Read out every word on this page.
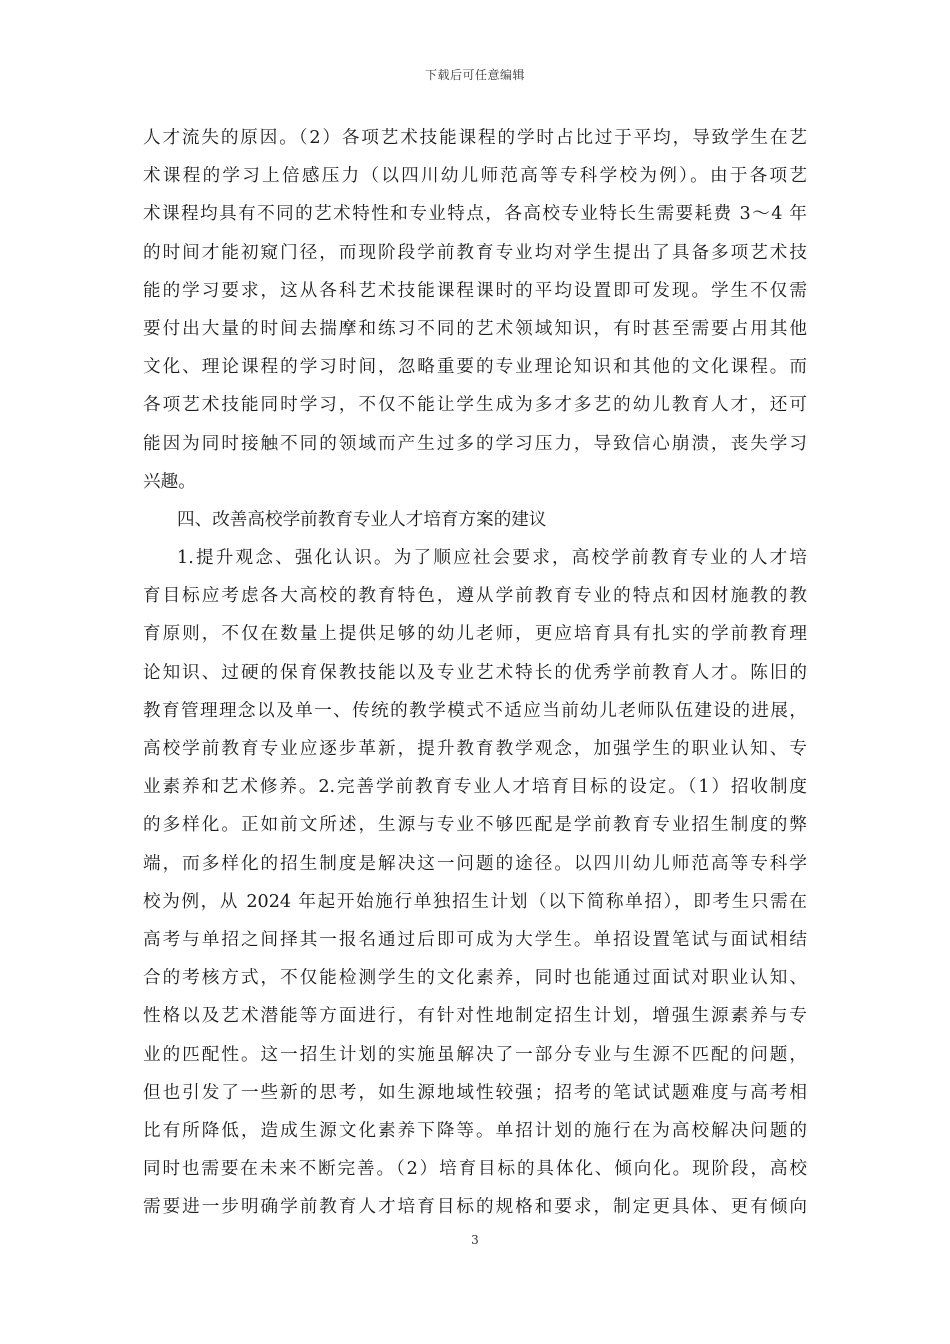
下载后可任意编辑
人才流失的原因。（2）各项艺术技能课程的学时占比过于平均，导致学生在艺
术课程的学习上倍感压力（以四川幼儿师范高等专科学校为例）。由于各项艺
术课程均具有不同的艺术特性和专业特点，各高校专业特长生需要耗费 3～4 年
的时间才能初窥门径，而现阶段学前教育专业均对学生提出了具备多项艺术技
能的学习要求，这从各科艺术技能课程课时的平均设置即可发现。学生不仅需
要付出大量的时间去揣摩和练习不同的艺术领域知识，有时甚至需要占用其他
文化、理论课程的学习时间，忽略重要的专业理论知识和其他的文化课程。而
各项艺术技能同时学习，不仅不能让学生成为多才多艺的幼儿教育人才，还可
能因为同时接触不同的领域而产生过多的学习压力，导致信心崩溃，丧失学习
兴趣。
四、改善高校学前教育专业人才培育方案的建议
1.提升观念、强化认识。为了顺应社会要求，高校学前教育专业的人才培
育目标应考虑各大高校的教育特色，遵从学前教育专业的特点和因材施教的教
育原则，不仅在数量上提供足够的幼儿老师，更应培育具有扎实的学前教育理
论知识、过硬的保育保教技能以及专业艺术特长的优秀学前教育人才。陈旧的
教育管理理念以及单一、传统的教学模式不适应当前幼儿老师队伍建设的进展，
高校学前教育专业应逐步革新，提升教育教学观念，加强学生的职业认知、专
业素养和艺术修养。2.完善学前教育专业人才培育目标的设定。（1）招收制度
的多样化。正如前文所述，生源与专业不够匹配是学前教育专业招生制度的弊
端，而多样化的招生制度是解决这一问题的途径。以四川幼儿师范高等专科学
校为例，从 2024 年起开始施行单独招生计划（以下简称单招），即考生只需在
高考与单招之间择其一报名通过后即可成为大学生。单招设置笔试与面试相结
合的考核方式，不仅能检测学生的文化素养，同时也能通过面试对职业认知、
性格以及艺术潜能等方面进行，有针对性地制定招生计划，增强生源素养与专
业的匹配性。这一招生计划的实施虽解决了一部分专业与生源不匹配的问题，
但也引发了一些新的思考，如生源地域性较强；招考的笔试试题难度与高考相
比有所降低，造成生源文化素养下降等。单招计划的施行在为高校解决问题的
同时也需要在未来不断完善。（2）培育目标的具体化、倾向化。现阶段，高校
需要进一步明确学前教育人才培育目标的规格和要求，制定更具体、更有倾向
3
